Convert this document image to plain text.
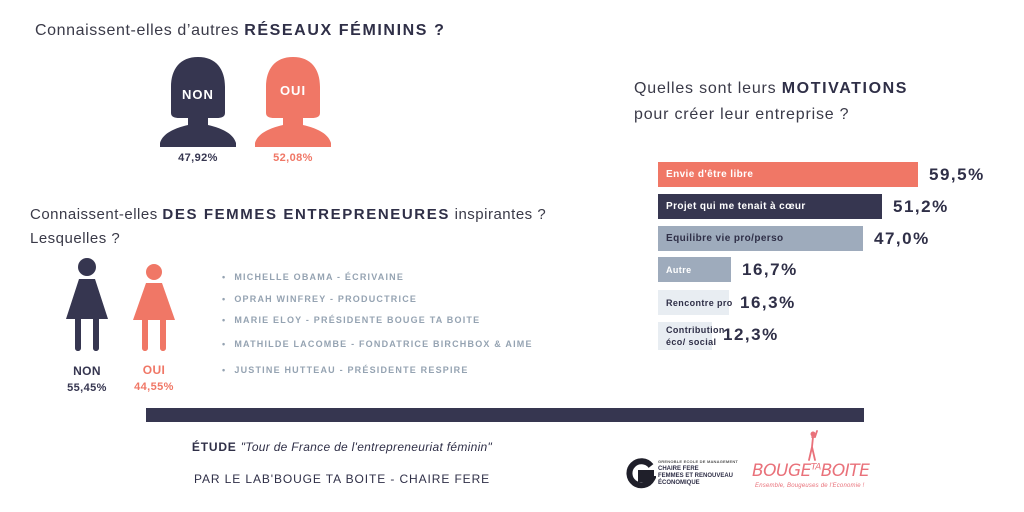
Connaissent-elles d’autres RÉSEAUX FÉMININS ?
NON
47,92%
OUI
52,08%
Connaissent-elles DES FEMMES ENTREPRENEURES inspirantes ?
Lesquelles ?
NON
55,45%
OUI
44,55%
• MICHELLE OBAMA - ÉCRIVAINE
• OPRAH WINFREY - PRODUCTRICE
• MARIE ELOY - PRÉSIDENTE BOUGE TA BOITE
• MATHILDE LACOMBE - FONDATRICE BIRCHBOX & AIME
• JUSTINE HUTTEAU - PRÉSIDENTE RESPIRE
Quelles sont leurs MOTIVATIONS
pour créer leur entreprise ?
Envie d'être libre	59,5%
Projet qui me tenait à cœur	51,2%
Equilibre vie pro/perso	47,0%
Autre	16,7%
Rencontre pro 16,3%
Contribution éco/ social 12,3%
ÉTUDE "Tour de France de l'entrepreneuriat féminin"
PAR LE LAB'BOUGE TA BOITE - CHAIRE FERE
GRENOBLE ECOLE DE MANAGEMENT
CHAIRE FERE
FEMMES ET RENOUVEAU
ÉCONOMIQUE
$BOUGE^{TA}BOITE$
Ensemble, Bougeuses de l'Economie !
